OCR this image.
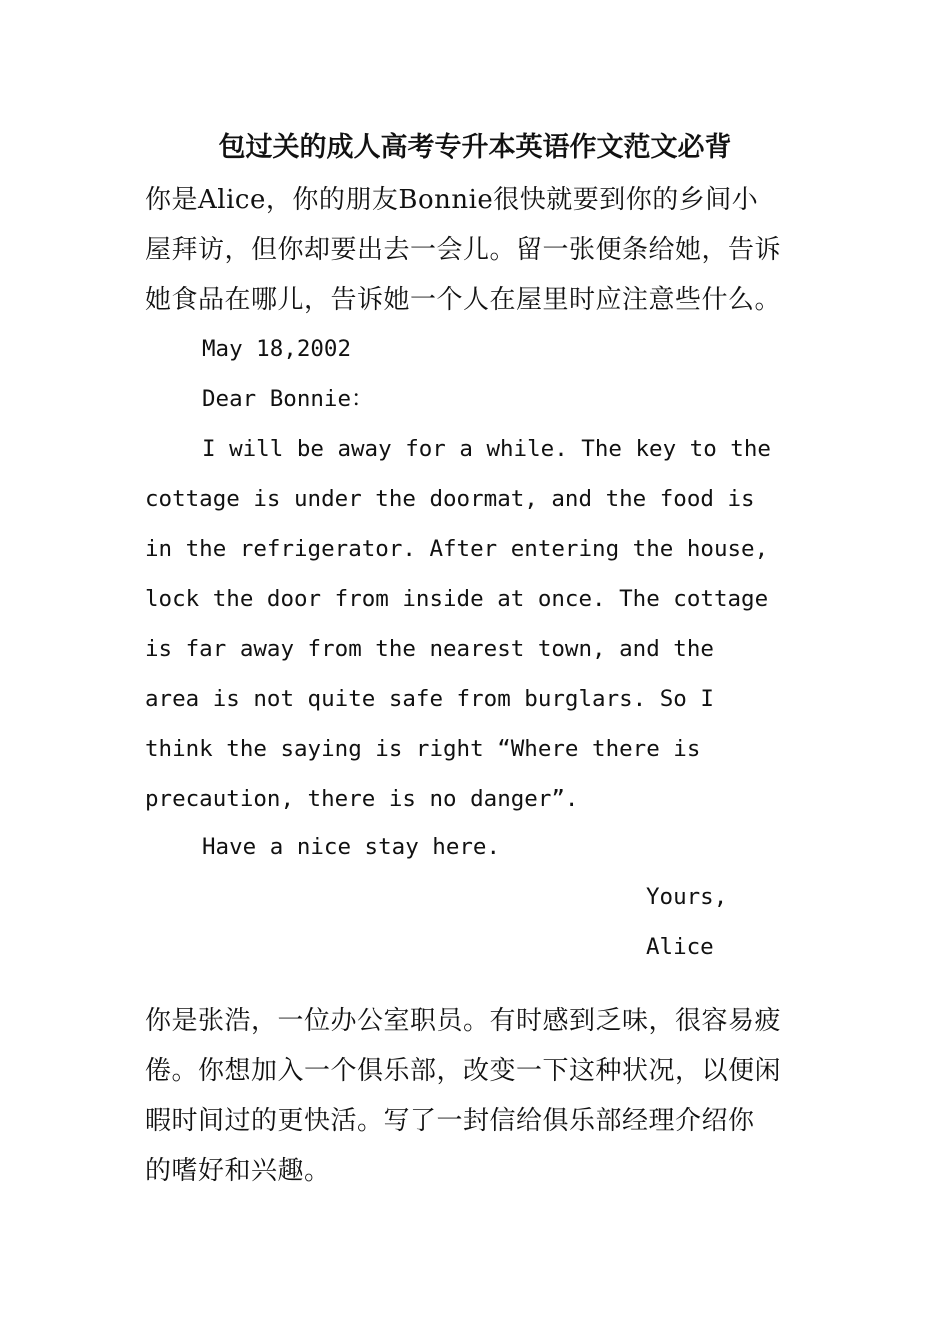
包过关的成人高考专升本英语作文范文必背
你是Alice，你的朋友Bonnie很快就要到你的乡间小
屋拜访，但你却要出去一会儿。留一张便条给她，告诉
她食品在哪儿，告诉她一个人在屋里时应注意些什么。
May 18,2002
Dear Bonnie：
I will be away for a while. The key to the
cottage is under the doormat, and the food is
in the refrigerator. After entering the house,
lock the door from inside at once. The cottage
is far away from the nearest town, and the
area is not quite safe from burglars. So I
think the saying is right “Where there is
precaution, there is no danger”.
Have a nice stay here.
Yours,
Alice
你是张浩，一位办公室职员。有时感到乏味，很容易疲
倦。你想加入一个俱乐部，改变一下这种状况，以便闲
暇时间过的更快活。写了一封信给俱乐部经理介绍你
的嗜好和兴趣。
